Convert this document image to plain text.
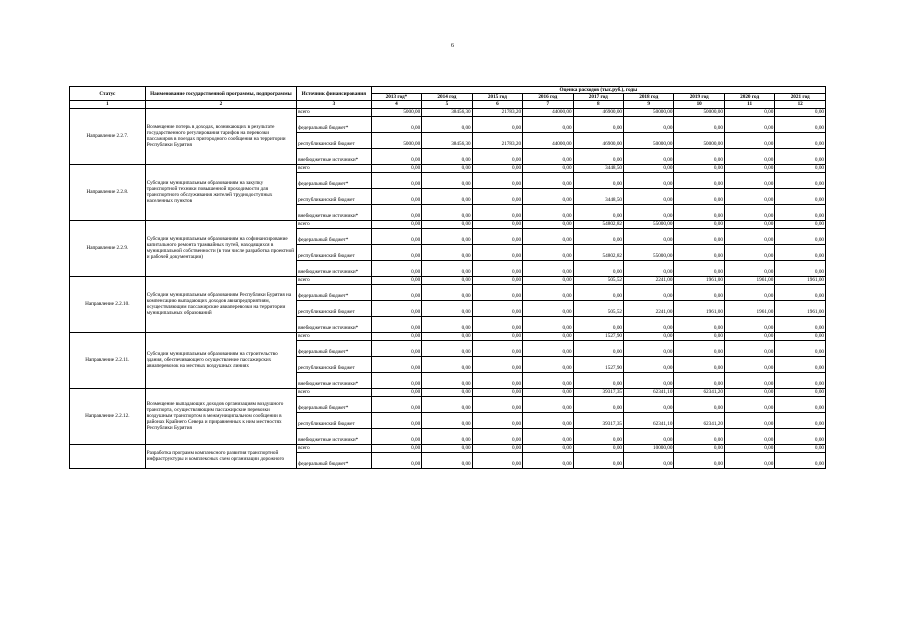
6
Статус	Наименование государственной программы, подпрограммы	Источник финансирования	Оценка расходов (тыс.руб.), годы								
			2013 год*	2014 год	2015 год	2016 год	2017 год	2018 год	2019 год	2020 год	2021 год
1	2	3	4	5	6	7	8	9	10	11	12
Направление 2.2.7.	Возмещение потерь в доходах, возникающих в результате государственного регулирования тарифов на перевозки пассажиров в поездах пригородного сообщения на территории Республики Бурятия	всего	5000,00	38456,30	21783,20	44000,00	46900,00	50000,00	50000,00	0,00	0,00
		федеральный бюджет*	0,00	0,00	0,00	0,00	0,00	0,00	0,00	0,00	0,00
		республиканский бюджет	5000,00	38456,30	21783,20	44000,00	46900,00	50000,00	50000,00	0,00	0,00
		внебюджетные источники*	0,00	0,00	0,00	0,00	0,00	0,00	0,00	0,00	0,00
Направление 2.2.8.	Субсидии муниципальным образованиям на закупку транспортной техники повышенной проходимости для транспортного обслуживания жителей труднодоступных населенных пунктов	всего	0,00	0,00	0,00	0,00	3448,50	0,00	0,00	0,00	0,00
		федеральный бюджет*	0,00	0,00	0,00	0,00	0,00	0,00	0,00	0,00	0,00
		республиканский бюджет	0,00	0,00	0,00	0,00	3448,50	0,00	0,00	0,00	0,00
		внебюджетные источники*	0,00	0,00	0,00	0,00	0,00	0,00	0,00	0,00	0,00
Направление 2.2.9.	Субсидии муниципальным образованиям на софинансирование капитального ремонта трамвайных путей, находящихся в муниципальной собственности (в том числе разработка проектной и рабочей документации)	всего	0,00	0,00	0,00	0,00	54802,82	55000,00	0,00	0,00	0,00
		федеральный бюджет*	0,00	0,00	0,00	0,00	0,00	0,00	0,00	0,00	0,00
		республиканский бюджет	0,00	0,00	0,00	0,00	54802,82	55000,00	0,00	0,00	0,00
		внебюджетные источники*	0,00	0,00	0,00	0,00	0,00	0,00	0,00	0,00	0,00
Направление 2.2.10.	Субсидии муниципальным образованиям Республики Бурятия на компенсацию выпадающих доходов авиапредприятиям, осуществляющим пассажирские авиаперевозки на территории муниципальных образований	всего	0,00	0,00	0,00	0,00	505,52	2241,00	1961,00	1961,00	1961,00
		федеральный бюджет*	0,00	0,00	0,00	0,00	0,00	0,00	0,00	0,00	0,00
		республиканский бюджет	0,00	0,00	0,00	0,00	505,52	2241,00	1961,00	1961,00	1961,00
		внебюджетные источники*	0,00	0,00	0,00	0,00	0,00	0,00	0,00	0,00	0,00
Направление 2.2.11.	Субсидии муниципальным образованиям на строительство здания, обеспечивающего осуществление пассажирских авиаперевозок на местных воздушных линиях	всего	0,00	0,00	0,00	0,00	1527,90	0,00	0,00	0,00	0,00
		федеральный бюджет*	0,00	0,00	0,00	0,00	0,00	0,00	0,00	0,00	0,00
		республиканский бюджет	0,00	0,00	0,00	0,00	1527,90	0,00	0,00	0,00	0,00
		внебюджетные источники*	0,00	0,00	0,00	0,00	0,00	0,00	0,00	0,00	0,00
Направление 2.2.12.	Возмещение выпадающих доходов организациям воздушного транспорта, осуществляющим пассажирские перевозки воздушным транспортом в межмуниципальном сообщении в районах Крайнего Севера и приравненных к ним местностях Республики Бурятия	всего	0,00	0,00	0,00	0,00	39317,35	62341,10	62341,20	0,00	0,00
		федеральный бюджет*	0,00	0,00	0,00	0,00	0,00	0,00	0,00	0,00	0,00
		республиканский бюджет	0,00	0,00	0,00	0,00	39317,35	62341,10	62341,20	0,00	0,00
		внебюджетные источники*	0,00	0,00	0,00	0,00	0,00	0,00	0,00	0,00	0,00
	Разработка программ комплексного развития транспортной инфраструктуры и комплексных схем организации дорожного	всего	0,00	0,00	0,00	0,00	0,00	10000,00	0,00	0,00	0,00
		федеральный бюджет*	0,00	0,00	0,00	0,00	0,00	0,00	0,00	0,00	0,00
